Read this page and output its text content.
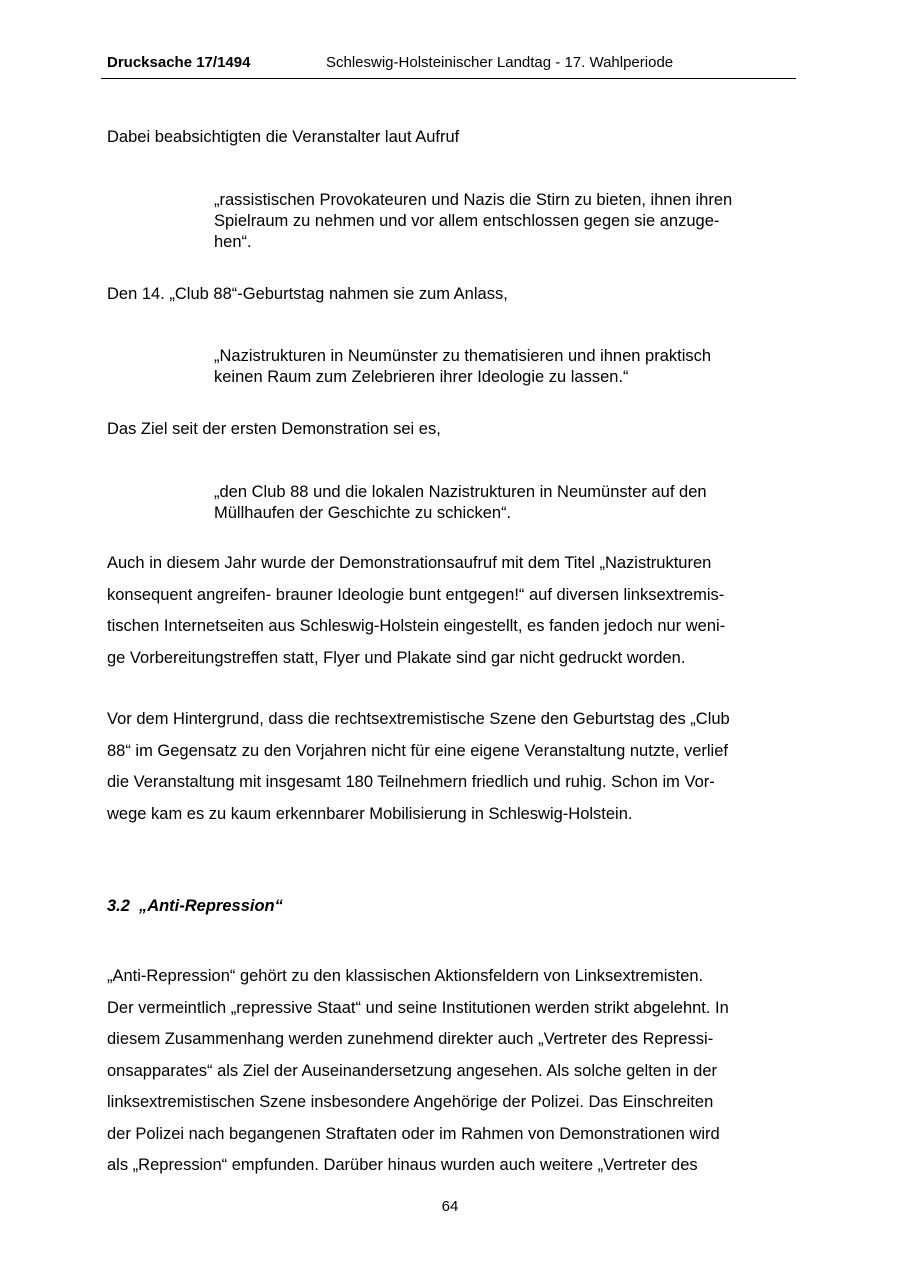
Drucksache 17/1494	Schleswig-Holsteinischer Landtag - 17. Wahlperiode

Dabei beabsichtigten die Veranstalter laut Aufruf

„rassistischen Provokateuren und Nazis die Stirn zu bieten, ihnen ihren
Spielraum zu nehmen und vor allem entschlossen gegen sie anzuge-
hen“.

Den 14. „Club 88“-Geburtstag nahmen sie zum Anlass,

„Nazistrukturen in Neumünster zu thematisieren und ihnen praktisch
keinen Raum zum Zelebrieren ihrer Ideologie zu lassen.“

Das Ziel seit der ersten Demonstration sei es,

„den Club 88 und die lokalen Nazistrukturen in Neumünster auf den
Müllhaufen der Geschichte zu schicken“.
Auch in diesem Jahr wurde der Demonstrationsaufruf mit dem Titel „Nazistrukturen
konsequent angreifen- brauner Ideologie bunt entgegen!“ auf diversen linksextremis-
tischen Internetseiten aus Schleswig-Holstein eingestellt, es fanden jedoch nur weni-
ge Vorbereitungstreffen statt, Flyer und Plakate sind gar nicht gedruckt worden.
Vor dem Hintergrund, dass die rechtsextremistische Szene den Geburtstag des „Club
88“ im Gegensatz zu den Vorjahren nicht für eine eigene Veranstaltung nutzte, verlief
die Veranstaltung mit insgesamt 180 Teilnehmern friedlich und ruhig. Schon im Vor-
wege kam es zu kaum erkennbarer Mobilisierung in Schleswig-Holstein.
3.2 „Anti-Repression“
„Anti-Repression“ gehört zu den klassischen Aktionsfeldern von Linksextremisten.
Der vermeintlich „repressive Staat“ und seine Institutionen werden strikt abgelehnt. In
diesem Zusammenhang werden zunehmend direkter auch „Vertreter des Repressi-
onsapparates“ als Ziel der Auseinandersetzung angesehen. Als solche gelten in der
linksextremistischen Szene insbesondere Angehörige der Polizei. Das Einschreiten
der Polizei nach begangenen Straftaten oder im Rahmen von Demonstrationen wird
als „Repression“ empfunden. Darüber hinaus wurden auch weitere „Vertreter des
64
